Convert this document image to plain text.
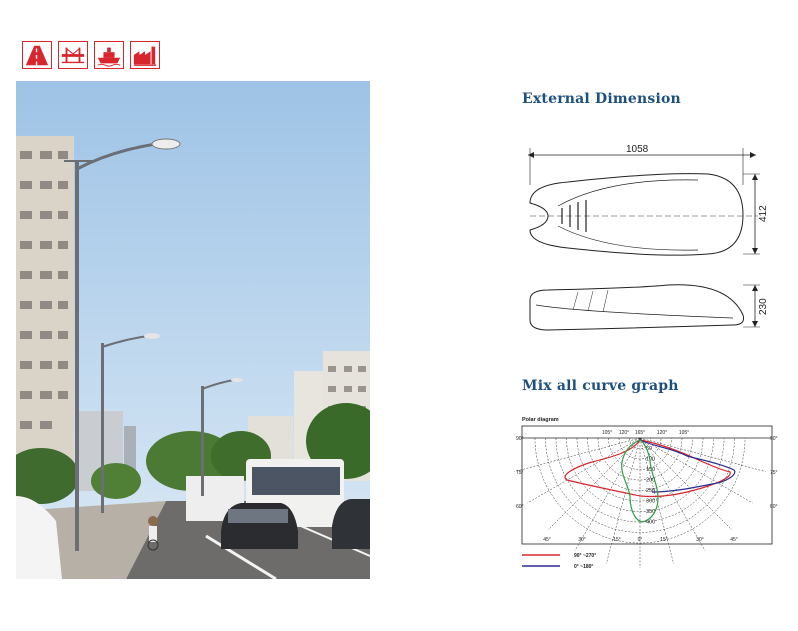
External Dimension
Mix all curve graph
1058
412
230
Polar diagram
105° 120° 165° 120° 105°
90°	90°
75°	75°
60°	60°
45°	30°	15°	0°	15°	30°	45°
50
100
150
200
250
300
350
400
90° ~270°
0° ~180°
